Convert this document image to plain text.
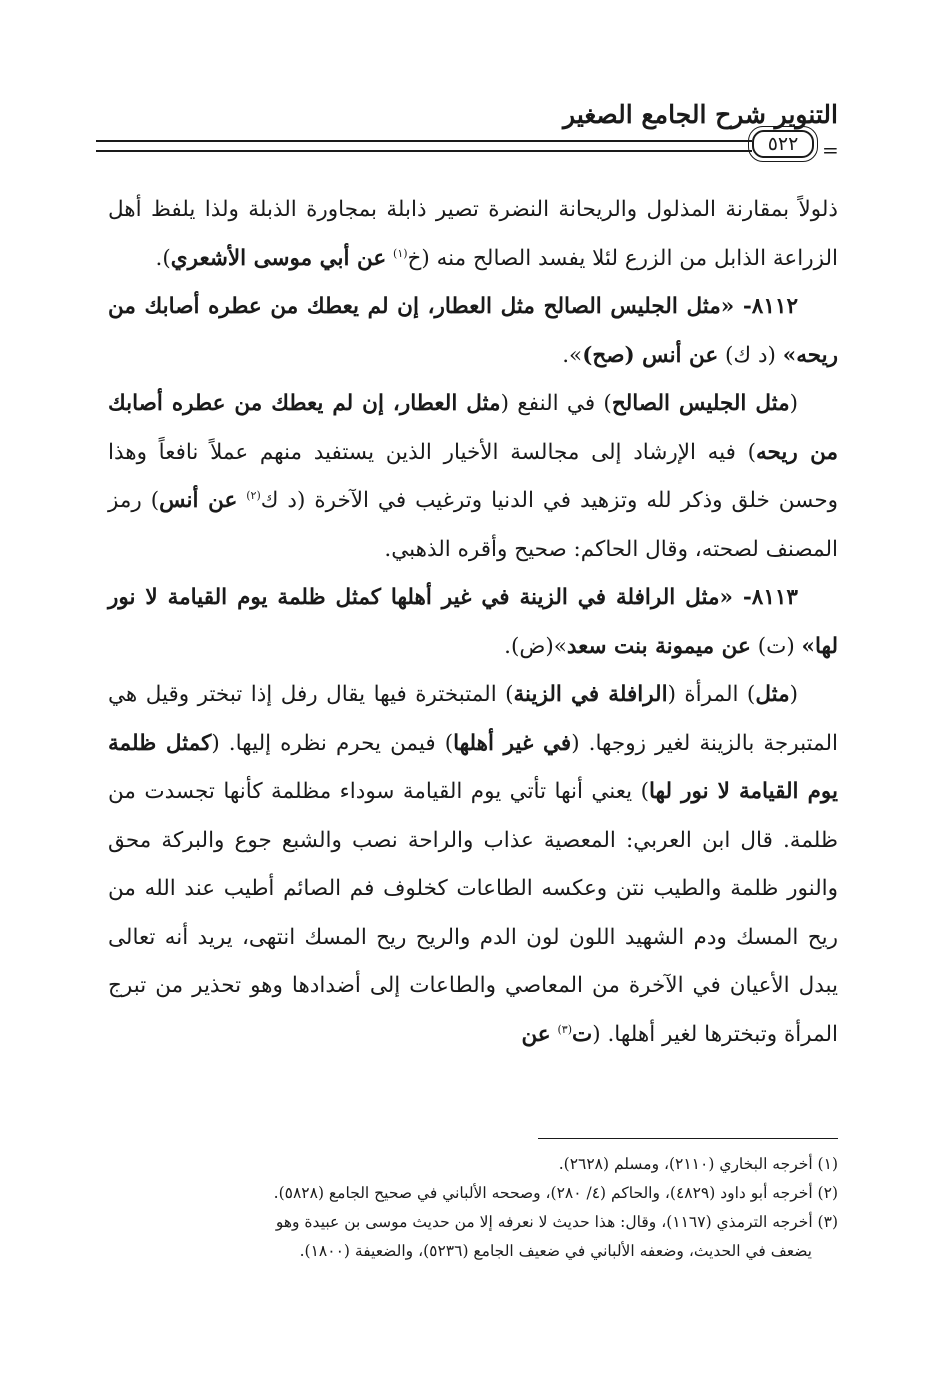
التنوير شرح الجامع الصغير
٥٢٢	=

ذلولاً بمقارنة المذلول والريحانة النضرة تصير ذابلة بمجاورة الذبلة ولذا يلفظ أهل الزراعة الذابل من الزرع لئلا يفسد الصالح منه (خ$^{(١)}$ عن أبي موسى الأشعري).

٨١١٢- «مثل الجليس الصالح مثل العطار، إن لم يعطك من عطره أصابك من ريحه» (د ك) عن أنس (صح)».

(مثل الجليس الصالح) في النفع (مثل العطار، إن لم يعطك من عطره أصابك من ريحه) فيه الإرشاد إلى مجالسة الأخيار الذين يستفيد منهم عملاً نافعاً وهذا وحسن خلق وذكر لله وتزهيد في الدنيا وترغيب في الآخرة (د ك$^{(٢)}$ عن أنس) رمز المصنف لصحته، وقال الحاكم: صحيح وأقره الذهبي.

٨١١٣- «مثل الرافلة في الزينة في غير أهلها كمثل ظلمة يوم القيامة لا نور لها» (ت) عن ميمونة بنت سعد»(ض).

(مثل) المرأة (الرافلة في الزينة) المتبخترة فيها يقال رفل إذا تبختر وقيل هي المتبرجة بالزينة لغير زوجها. (في غير أهلها) فيمن يحرم نظره إليها. (كمثل ظلمة يوم القيامة لا نور لها) يعني أنها تأتي يوم القيامة سوداء مظلمة كأنها تجسدت من ظلمة. قال ابن العربي: المعصية عذاب والراحة نصب والشبع جوع والبركة محق والنور ظلمة والطيب نتن وعكسه الطاعات كخلوف فم الصائم أطيب عند الله من ريح المسك ودم الشهيد اللون لون الدم والريح ريح المسك انتهى، يريد أنه تعالى يبدل الأعيان في الآخرة من المعاصي والطاعات إلى أضدادها وهو تحذير من تبرج المرأة وتبخترها لغير أهلها. (ت$^{(٣)}$ عن

(١) أخرجه البخاري (٢١١٠)، ومسلم (٢٦٢٨).

(٢) أخرجه أبو داود (٤٨٢٩)، والحاكم (٤/ ٢٨٠)، وصححه الألباني في صحيح الجامع (٥٨٢٨).

(٣) أخرجه الترمذي (١١٦٧)، وقال: هذا حديث لا نعرفه إلا من حديث موسى بن عبيدة وهو

يضعف في الحديث، وضعفه الألباني في ضعيف الجامع (٥٢٣٦)، والضعيفة (١٨٠٠).
